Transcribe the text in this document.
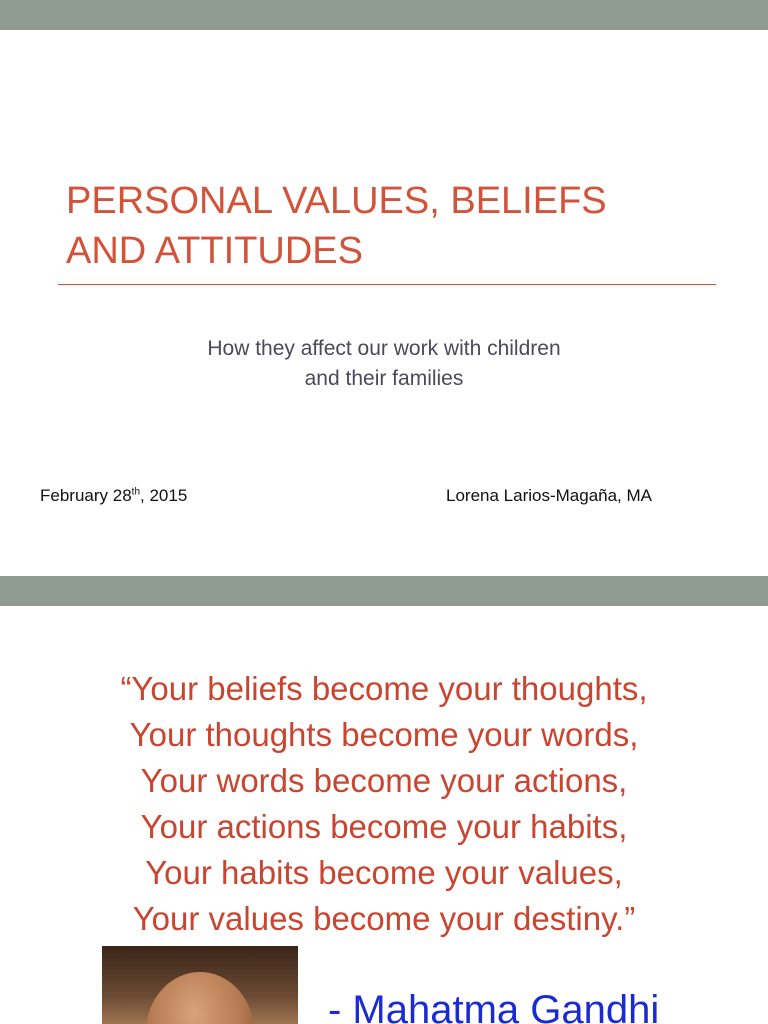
PERSONAL VALUES, BELIEFS
AND ATTITUDES
How they affect our work with children
and their families
February 28th, 2015	Lorena Larios-Magaña, MA
“Your beliefs become your thoughts,
Your thoughts become your words,
Your words become your actions,
Your actions become your habits,
Your habits become your values,
Your values become your destiny.”
- Mahatma Gandhi
